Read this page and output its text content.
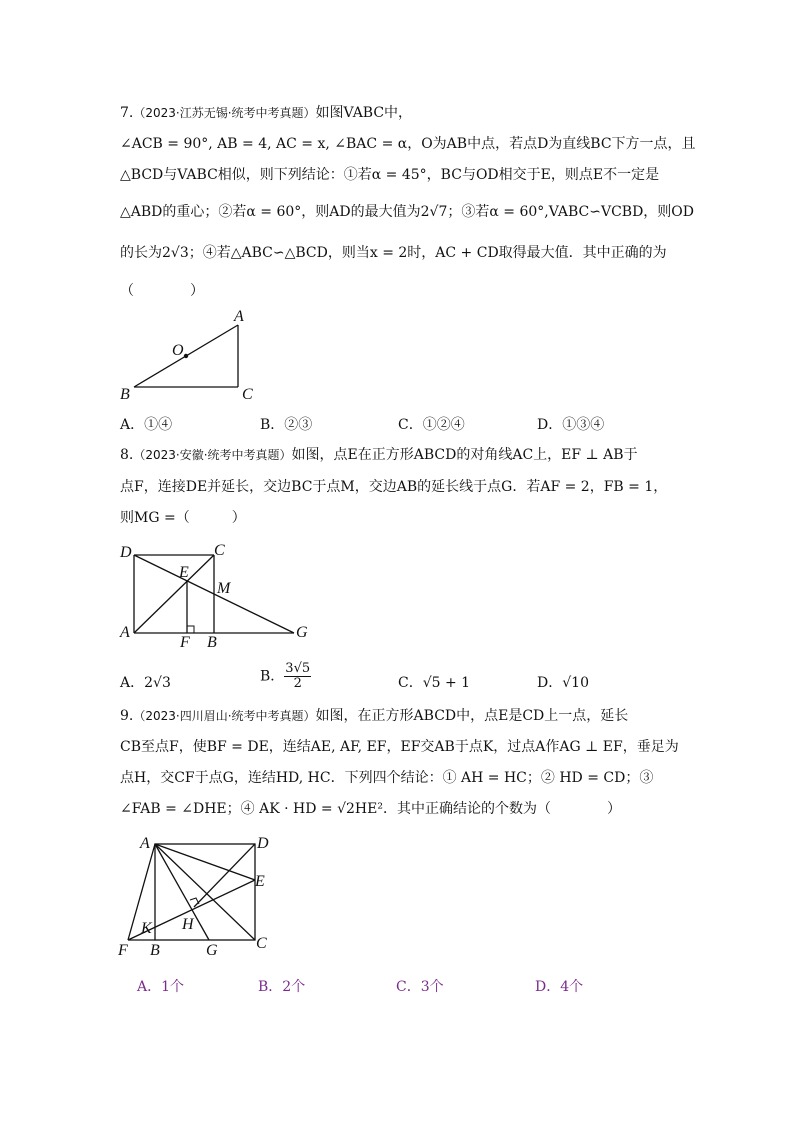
7.（2023·江苏无锡·统考中考真题）如图VABC中，
∠ACB = 90°, AB = 4, AC = x, ∠BAC = α，O为AB中点，若点D为直线BC下方一点，且
△BCD与VABC相似，则下列结论：①若α = 45°，BC与OD相交于E，则点E不一定是
△ABD的重心；②若α = 60°，则AD的最大值为2√7；③若α = 60°,VABC∽VCBD，则OD
的长为2√3；④若△ABC∽△BCD，则当x = 2时，AC + CD取得最大值．其中正确的为
（　　　　）
A
O
B	C
A．①④	B．②③	C．①②④	D．①③④
8.（2023·安徽·统考中考真题）如图，点E在正方形ABCD的对角线AC上，EF ⊥ AB于
点F，连接DE并延长，交边BC于点M，交边AB的延长线于点G．若AF = 2，FB = 1，
则MG =（　　　）
D	C
E
M
A
F B
G
A．2√3	B． $\frac{3√5}{2}$	C．√5 + 1	D．√10
9.（2023·四川眉山·统考中考真题）如图，在正方形ABCD中，点E是CD上一点，延长
CB至点F，使BF = DE，连结AE, AF, EF，EF交AB于点K，过点A作AG ⊥ EF，垂足为
点H，交CF于点G，连结HD, HC．下列四个结论：① AH = HC；② HD = CD；③
∠FAB = ∠DHE；④ AK · HD = √2HE²．其中正确结论的个数为（　　　　）
A	D
E
K H
F B	G C
A．1个	B．2个	C．3个	D．4个
